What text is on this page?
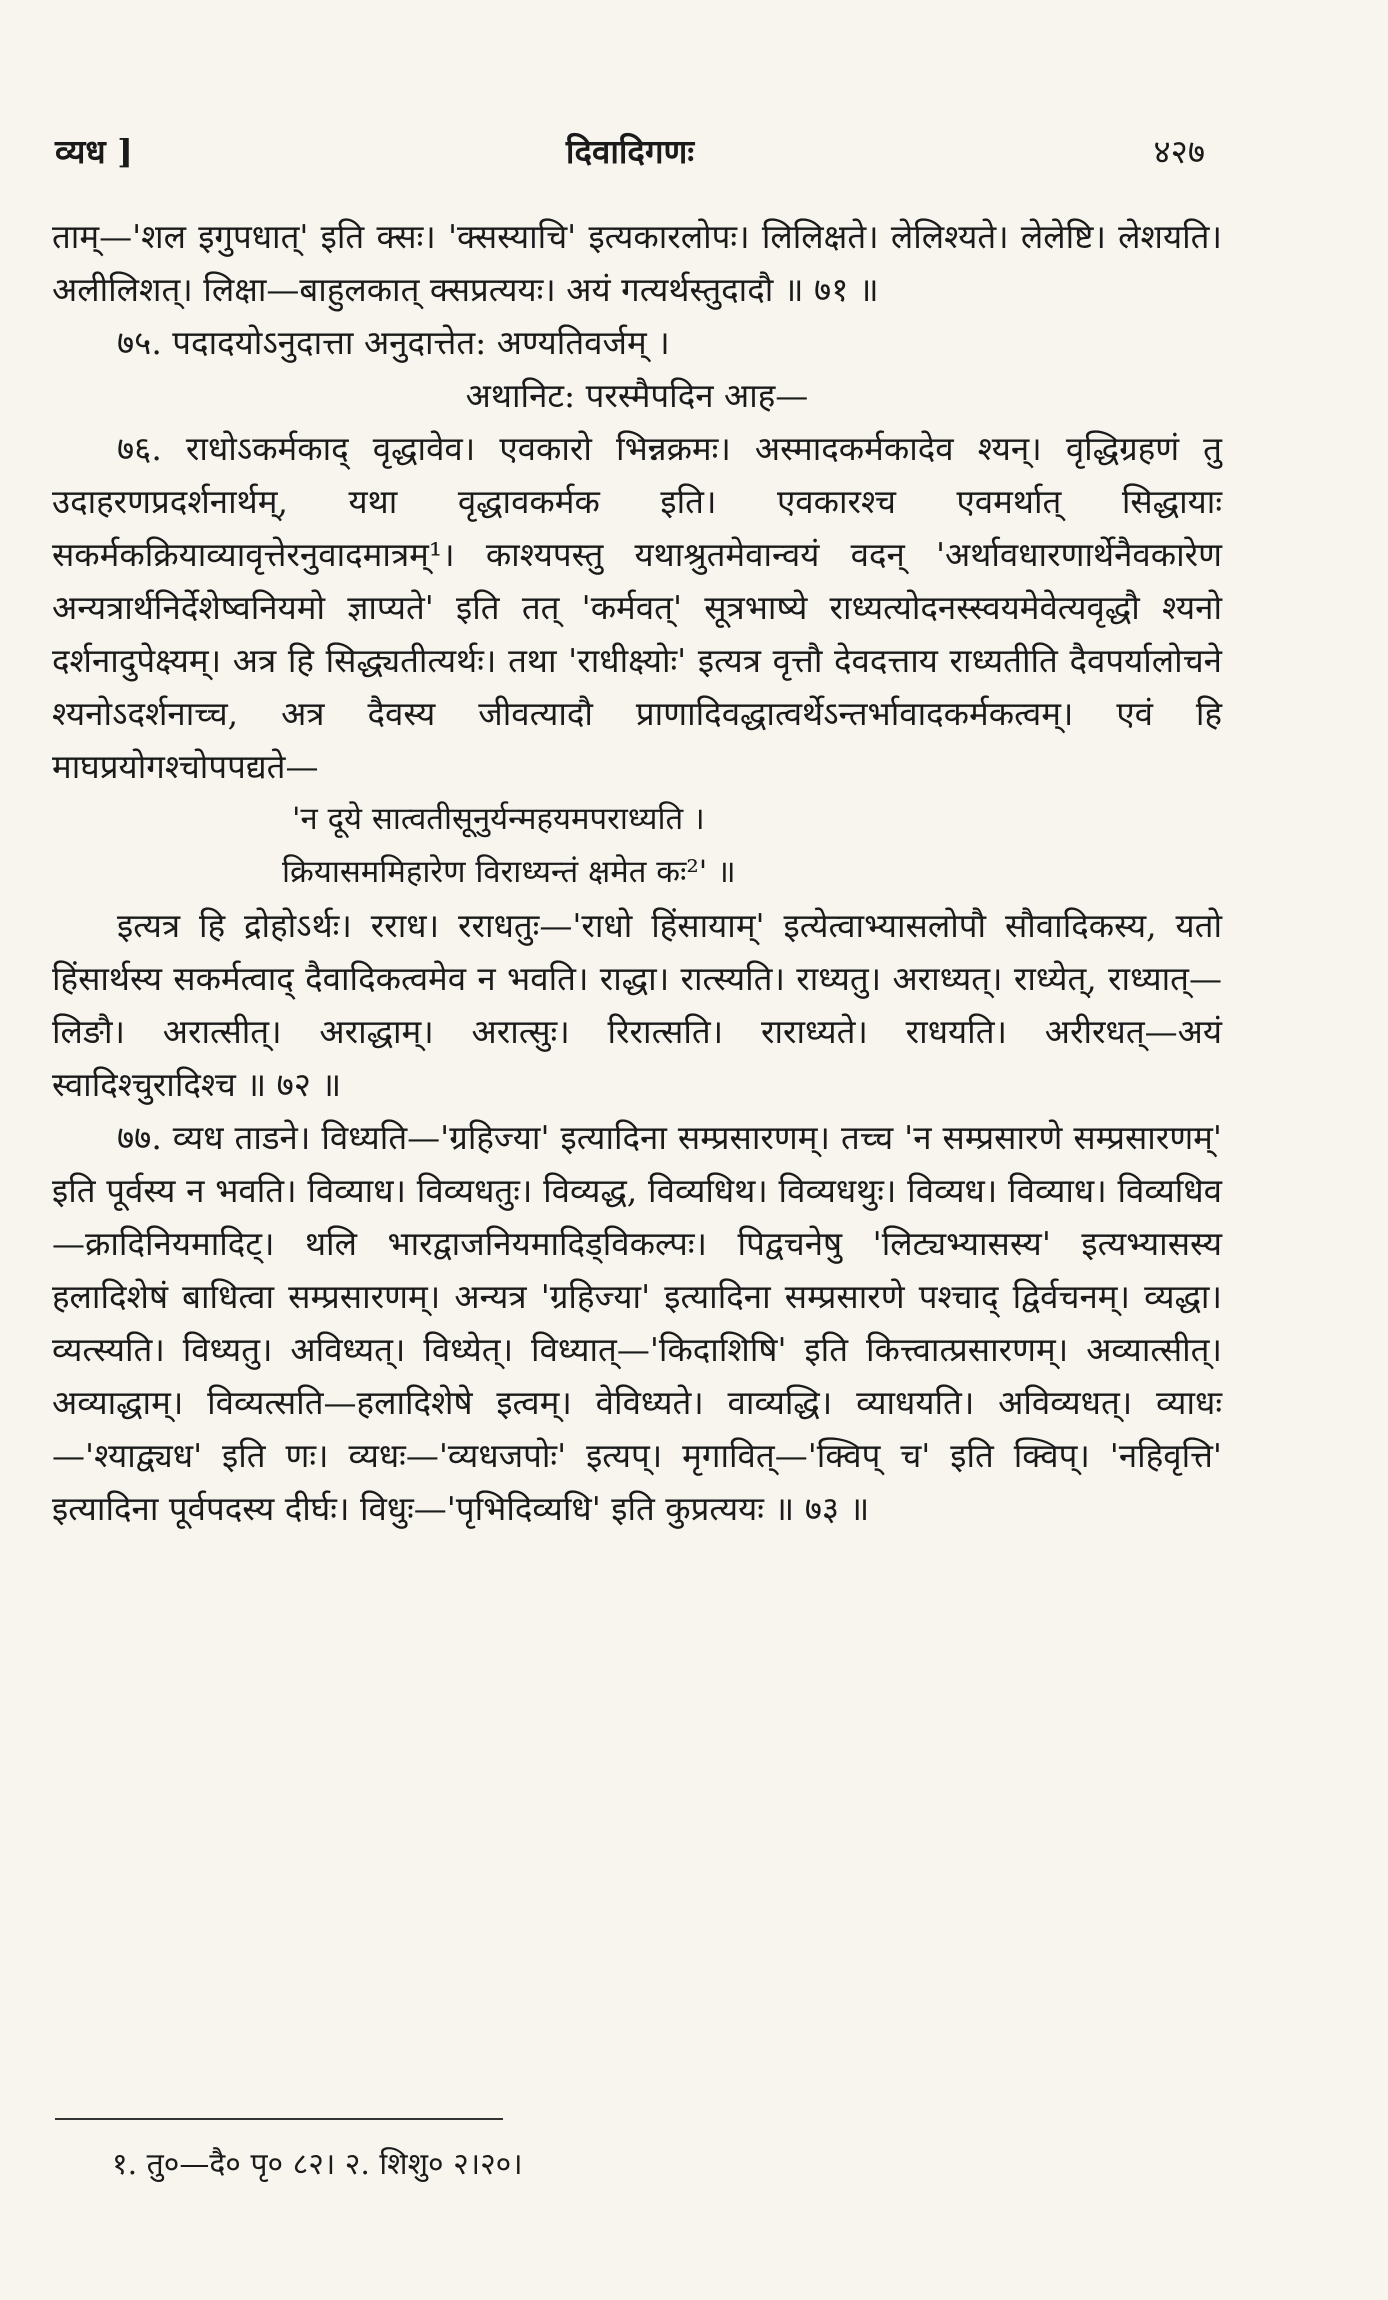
व्यध ]	दिवादिगणः	४२७

ताम्—'शल इगुपधात्' इति क्सः। 'क्सस्याचि' इत्यकारलोपः। लिलिक्षते। लेलिश्यते। लेलेष्टि। लेशयति। अलीलिशत्। लिक्षा—बाहुलकात् क्सप्रत्ययः। अयं गत्यर्थस्तुदादौ ॥ ७१ ॥

७५. पदादयोऽनुदात्ता अनुदात्तेत: अण्यतिवर्जम् ।

अथानिट: परस्मैपदिन आह—

७६. राधोऽकर्मकाद् वृद्धावेव। एवकारो भिन्नक्रमः। अस्मादकर्मकादेव श्यन्। वृद्धिग्रहणं तु उदाहरणप्रदर्शनार्थम्, यथा वृद्धावकर्मक इति। एवकारश्च एवमर्थात् सिद्धायाः सकर्मकक्रियाव्यावृत्तेरनुवादमात्रम्¹। काश्यपस्तु यथाश्रुतमेवान्वयं वदन् 'अर्थावधारणार्थेनैवकारेण अन्यत्रार्थनिर्देशेष्वनियमो ज्ञाप्यते' इति तत् 'कर्मवत्' सूत्रभाष्ये राध्यत्योदनस्स्वयमेवेत्यवृद्धौ श्यनो दर्शनादुपेक्ष्यम्। अत्र हि सिद्ध्यतीत्यर्थः। तथा 'राधीक्ष्योः' इत्यत्र वृत्तौ देवदत्ताय राध्यतीति दैवपर्यालोचने श्यनोऽदर्शनाच्च, अत्र दैवस्य जीवत्यादौ प्राणादिवद्धात्वर्थेऽन्तर्भावादकर्मकत्वम्। एवं हि माघप्रयोगश्चोपपद्यते—

'न दूये सात्वतीसूनुर्यन्महयमपराध्यति ।

क्रियासममिहारेण विराध्यन्तं क्षमेत कः²' ॥

इत्यत्र हि द्रोहोऽर्थः। रराध। रराधतुः—'राधो हिंसायाम्' इत्येत्वाभ्यासलोपौ सौवादिकस्य, यतो हिंसार्थस्य सकर्मत्वाद् दैवादिकत्वमेव न भवति। राद्धा। रात्स्यति। राध्यतु। अराध्यत्। राध्येत्, राध्यात्—लिङौ। अरात्सीत्। अराद्धाम्। अरात्सुः। रिरात्सति। राराध्यते। राधयति। अरीरधत्—अयं स्वादिश्चुरादिश्च ॥ ७२ ॥

७७. व्यध ताडने। विध्यति—'ग्रहिज्या' इत्यादिना सम्प्रसारणम्। तच्च 'न सम्प्रसारणे सम्प्रसारणम्' इति पूर्वस्य न भवति। विव्याध। विव्यधतुः। विव्यद्ध, विव्यधिथ। विव्यधथुः। विव्यध। विव्याध। विव्यधिव—क्रादिनियमादिट्। थलि भारद्वाजनियमादिड्विकल्पः। पिद्वचनेषु 'लिट्यभ्यासस्य' इत्यभ्यासस्य हलादिशेषं बाधित्वा सम्प्रसारणम्। अन्यत्र 'ग्रहिज्या' इत्यादिना सम्प्रसारणे पश्चाद् द्विर्वचनम्। व्यद्धा। व्यत्स्यति। विध्यतु। अविध्यत्। विध्येत्। विध्यात्—'किदाशिषि' इति कित्त्वात्प्रसारणम्। अव्यात्सीत्। अव्याद्धाम्। विव्यत्सति—हलादिशेषे इत्वम्। वेविध्यते। वाव्यद्धि। व्याधयति। अविव्यधत्। व्याधः—'श्याद्व्यध' इति णः। व्यधः—'व्यधजपोः' इत्यप्। मृगावित्—'क्विप् च' इति क्विप्। 'नहिवृत्ति' इत्यादिना पूर्वपदस्य दीर्घः। विधुः—'पृभिदिव्यधि' इति कुप्रत्ययः ॥ ७३ ॥

१. तु०—दै० पृ० ८२। २. शिशु० २।२०।
